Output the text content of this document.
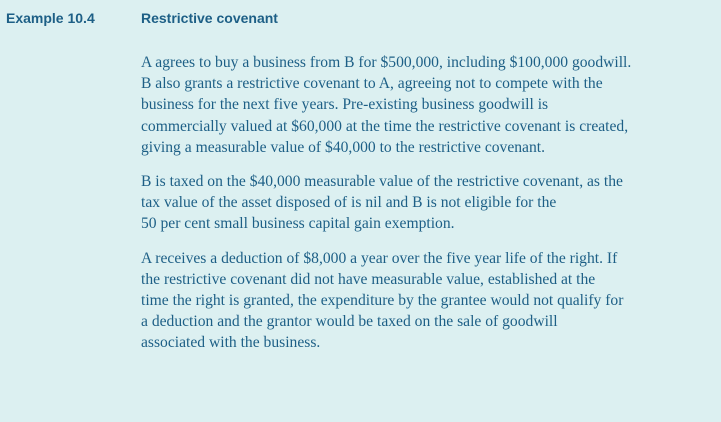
Example 10.4	Restrictive covenant

A agrees to buy a business from B for $500,000, including $100,000 goodwill.
B also grants a restrictive covenant to A, agreeing not to compete with the
business for the next five years. Pre-existing business goodwill is
commercially valued at $60,000 at the time the restrictive covenant is created,
giving a measurable value of $40,000 to the restrictive covenant.

B is taxed on the $40,000 measurable value of the restrictive covenant, as the
tax value of the asset disposed of is nil and B is not eligible for the
50 per cent small business capital gain exemption.

A receives a deduction of $8,000 a year over the five year life of the right. If
the restrictive covenant did not have measurable value, established at the
time the right is granted, the expenditure by the grantee would not qualify for
a deduction and the grantor would be taxed on the sale of goodwill
associated with the business.
